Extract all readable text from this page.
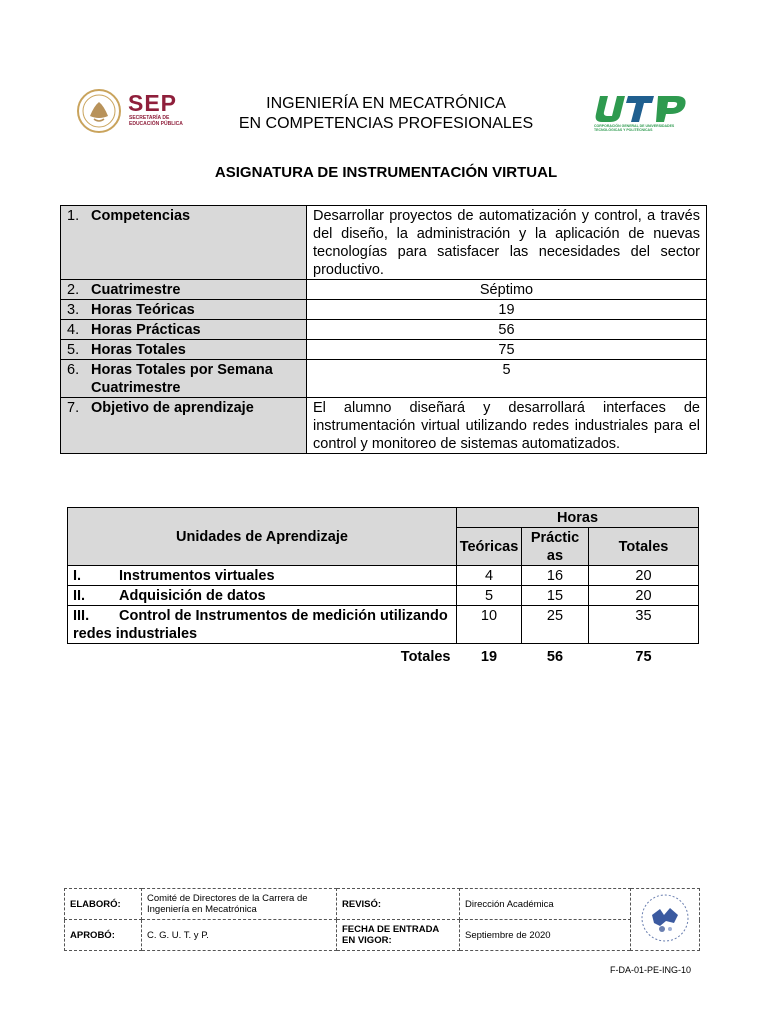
SEP
SECRETARÍA DE EDUCACIÓN PÚBLICA
INGENIERÍA EN MECATRÓNICA
EN COMPETENCIAS PROFESIONALES	CORPORACIÓN GENERAL DE UNIVERSIDADES TECNOLÓGICAS Y POLITÉCNICAS
ASIGNATURA DE INSTRUMENTACIÓN VIRTUAL
1. Competencias	Desarrollar proyectos de automatización y control, a través del diseño, la administración y la aplicación de nuevas tecnologías para satisfacer las necesidades del sector productivo.
2. Cuatrimestre	Séptimo
3. Horas Teóricas	19
4. Horas Prácticas	56
5. Horas Totales	75

6. Horas Totales por Semana Cuatrimestre	5
7. Objetivo de aprendizaje	El alumno diseñará y desarrollará interfaces de instrumentación virtual utilizando redes industriales para el control y monitoreo de sistemas automatizados.
Unidades de Aprendizaje	Horas		
	Teóricas	Prácticas	Totales
I. Instrumentos virtuales	4	16	20
II. Adquisición de datos	5	15	20
III. Control de Instrumentos de medición utilizando redes industriales	10	25	35
Totales	19	56	75
ELABORÓ:	Comité de Directores de la Carrera de Ingeniería en Mecatrónica	REVISÓ:	Dirección Académica	
APROBÓ:	C. G. U. T. y P.	FECHA DE ENTRADA EN VIGOR:	Septiembre de 2020	
F-DA-01-PE-ING-10
